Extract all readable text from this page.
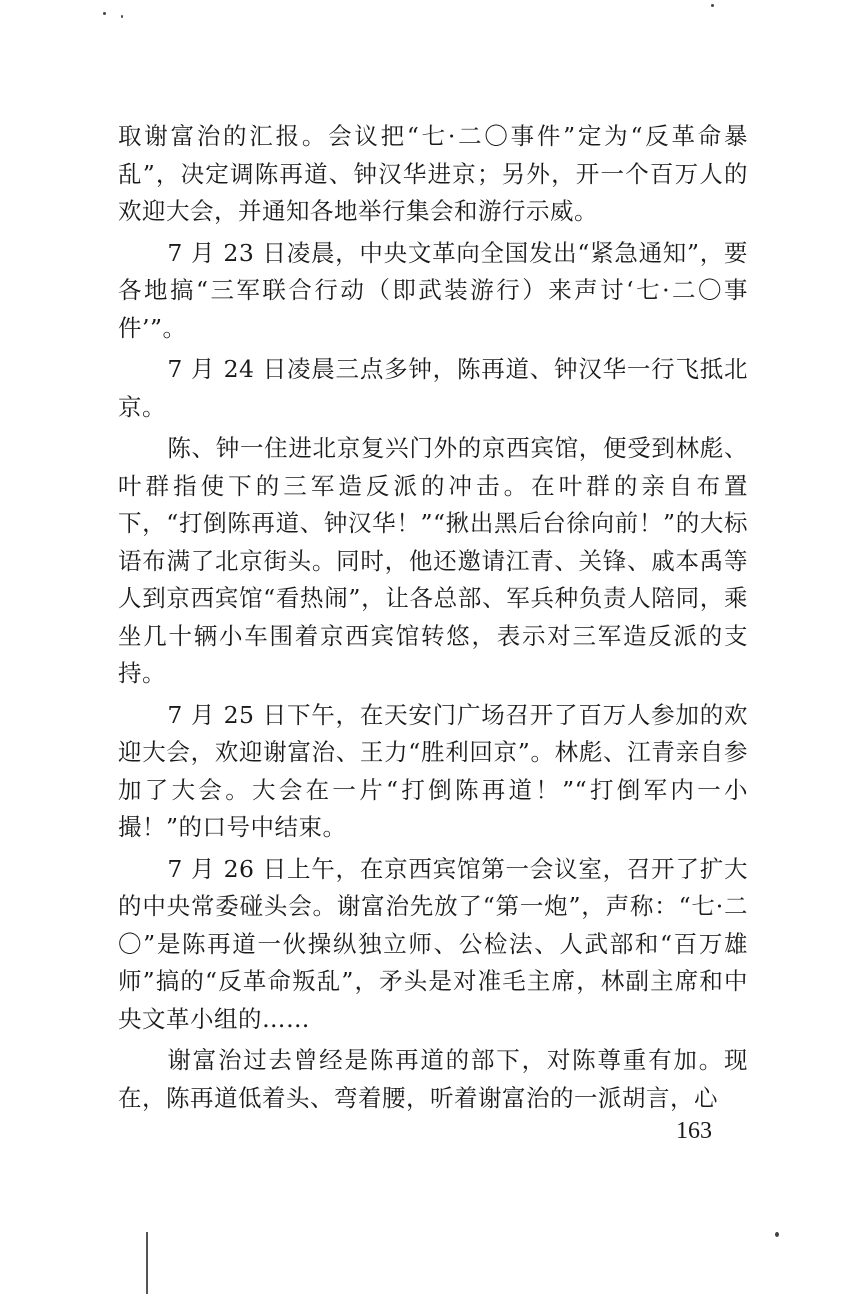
取谢富治的汇报。会议把“七·二〇事件”定为“反革命暴乱”，决定调陈再道、钟汉华进京；另外，开一个百万人的欢迎大会，并通知各地举行集会和游行示威。

7 月 23 日凌晨，中央文革向全国发出“紧急通知”，要各地搞“三军联合行动（即武装游行）来声讨‘七·二〇事件’”。

7 月 24 日凌晨三点多钟，陈再道、钟汉华一行飞抵北京。

陈、钟一住进北京复兴门外的京西宾馆，便受到林彪、叶群指使下的三军造反派的冲击。在叶群的亲自布置下，“打倒陈再道、钟汉华！”“揪出黑后台徐向前！”的大标语布满了北京街头。同时，他还邀请江青、关锋、戚本禹等人到京西宾馆“看热闹”，让各总部、军兵种负责人陪同，乘坐几十辆小车围着京西宾馆转悠，表示对三军造反派的支持。

7 月 25 日下午，在天安门广场召开了百万人参加的欢迎大会，欢迎谢富治、王力“胜利回京”。林彪、江青亲自参加了大会。大会在一片“打倒陈再道！”“打倒军内一小撮！”的口号中结束。

7 月 26 日上午，在京西宾馆第一会议室，召开了扩大的中央常委碰头会。谢富治先放了“第一炮”，声称：“七·二〇”是陈再道一伙操纵独立师、公检法、人武部和“百万雄师”搞的“反革命叛乱”，矛头是对准毛主席，林副主席和中央文革小组的……

谢富治过去曾经是陈再道的部下，对陈尊重有加。现在，陈再道低着头、弯着腰，听着谢富治的一派胡言，心

163
